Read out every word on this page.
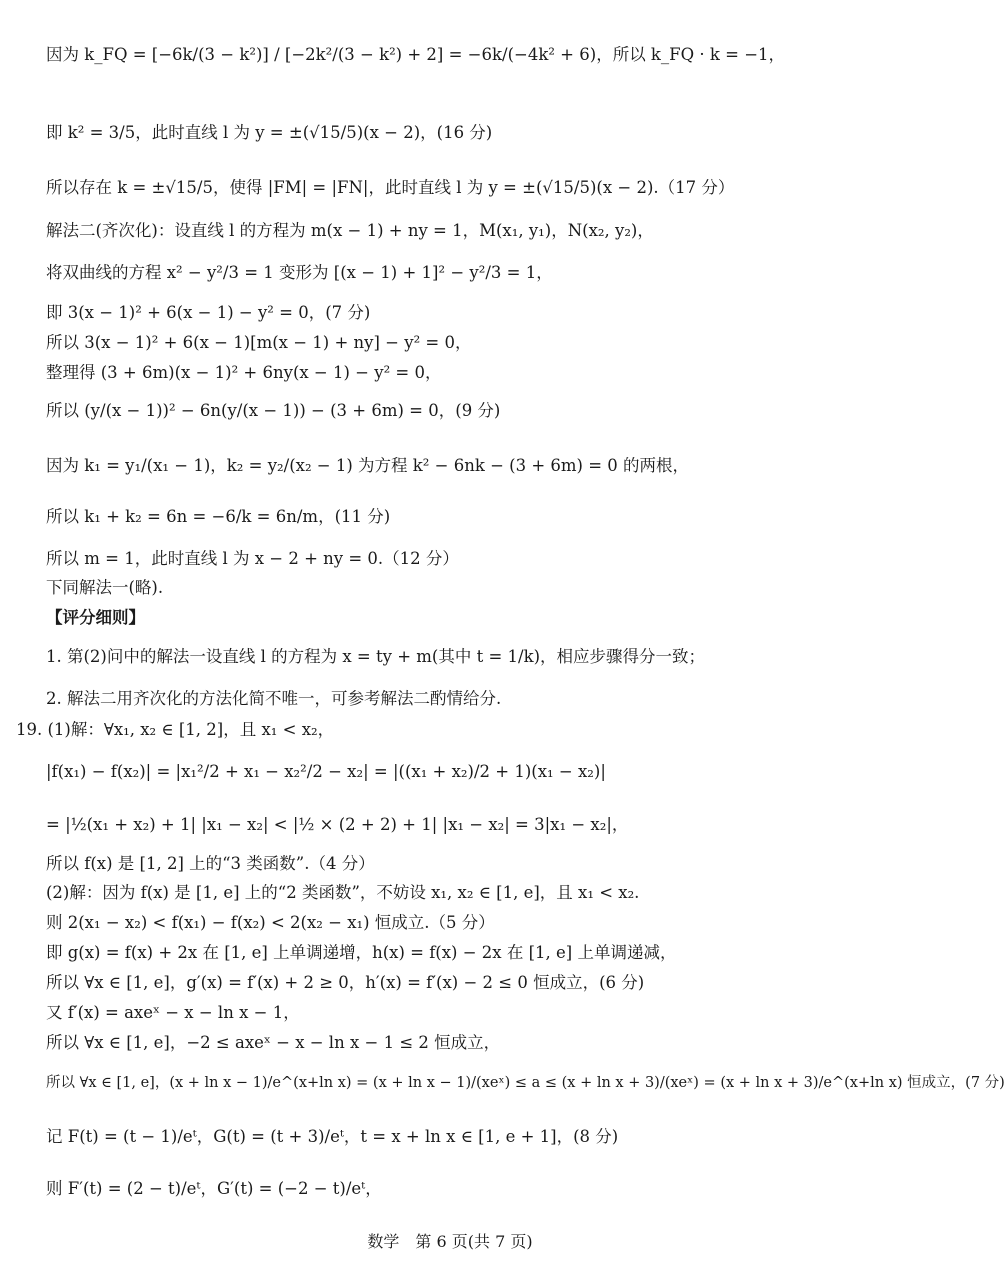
因为 k_FQ = [−6k/(3 − k²)] / [−2k²/(3 − k²) + 2] = −6k/(−4k² + 6)，所以 k_FQ · k = −1，
即 k² = 3/5，此时直线 l 为 y = ±(√15/5)(x − 2)，(16 分)
所以存在 k = ±√15/5，使得 |FM| = |FN|，此时直线 l 为 y = ±(√15/5)(x − 2).（17 分）
解法二(齐次化)：设直线 l 的方程为 m(x − 1) + ny = 1，M(x₁, y₁)，N(x₂, y₂)，
将双曲线的方程 x² − y²/3 = 1 变形为 [(x − 1) + 1]² − y²/3 = 1，
即 3(x − 1)² + 6(x − 1) − y² = 0，(7 分)
所以 3(x − 1)² + 6(x − 1)[m(x − 1) + ny] − y² = 0，
整理得 (3 + 6m)(x − 1)² + 6ny(x − 1) − y² = 0，
所以 (y/(x − 1))² − 6n(y/(x − 1)) − (3 + 6m) = 0，(9 分)
因为 k₁ = y₁/(x₁ − 1)，k₂ = y₂/(x₂ − 1) 为方程 k² − 6nk − (3 + 6m) = 0 的两根，
所以 k₁ + k₂ = 6n = −6/k = 6n/m，(11 分)
所以 m = 1，此时直线 l 为 x − 2 + ny = 0.（12 分）
下同解法一(略).
【评分细则】
1. 第(2)问中的解法一设直线 l 的方程为 x = ty + m(其中 t = 1/k)，相应步骤得分一致；
2. 解法二用齐次化的方法化简不唯一，可参考解法二酌情给分.
19. (1)解：∀x₁, x₂ ∈ [1, 2]，且 x₁ < x₂，
|f(x₁) − f(x₂)| = |x₁²/2 + x₁ − x₂²/2 − x₂| = |((x₁ + x₂)/2 + 1)(x₁ − x₂)|
= |½(x₁ + x₂) + 1| |x₁ − x₂| < |½ × (2 + 2) + 1| |x₁ − x₂| = 3|x₁ − x₂|，
所以 f(x) 是 [1, 2] 上的“3 类函数”.（4 分）
(2)解：因为 f(x) 是 [1, e] 上的“2 类函数”，不妨设 x₁, x₂ ∈ [1, e]，且 x₁ < x₂.
则 2(x₁ − x₂) < f(x₁) − f(x₂) < 2(x₂ − x₁) 恒成立.（5 分）
即 g(x) = f(x) + 2x 在 [1, e] 上单调递增，h(x) = f(x) − 2x 在 [1, e] 上单调递减，
所以 ∀x ∈ [1, e]，g′(x) = f′(x) + 2 ≥ 0，h′(x) = f′(x) − 2 ≤ 0 恒成立，(6 分)
又 f′(x) = axeˣ − x − ln x − 1，
所以 ∀x ∈ [1, e]，−2 ≤ axeˣ − x − ln x − 1 ≤ 2 恒成立，
所以 ∀x ∈ [1, e]，(x + ln x − 1)/e^(x+ln x) = (x + ln x − 1)/(xeˣ) ≤ a ≤ (x + ln x + 3)/(xeˣ) = (x + ln x + 3)/e^(x+ln x) 恒成立，(7 分)
记 F(t) = (t − 1)/eᵗ，G(t) = (t + 3)/eᵗ，t = x + ln x ∈ [1, e + 1]，(8 分)
则 F′(t) = (2 − t)/eᵗ，G′(t) = (−2 − t)/eᵗ，
数学　第 6 页(共 7 页)
